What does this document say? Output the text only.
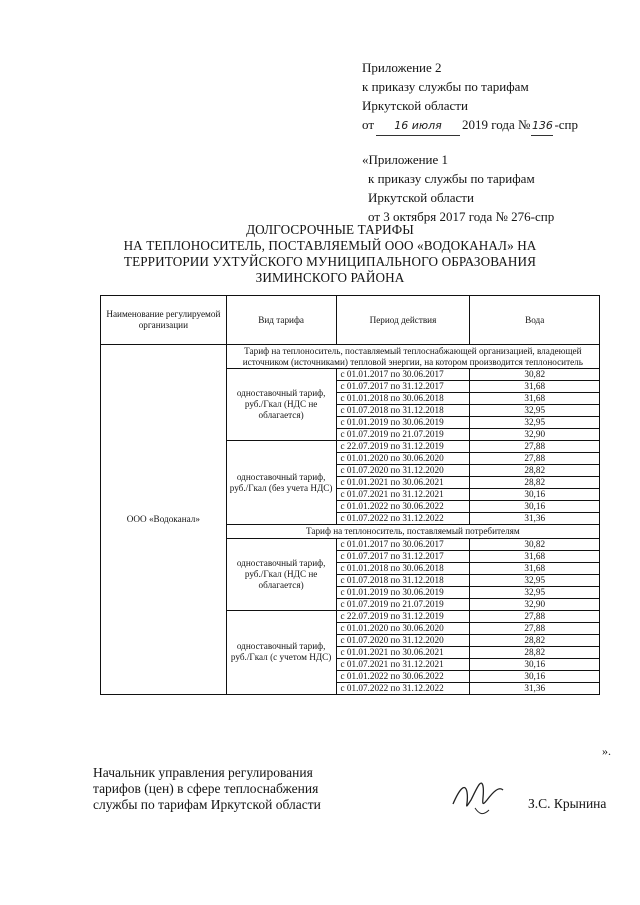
Приложение 2
к приказу службы по тарифам
Иркутской области
от 16 июля 2019 года № 136 -спр
«Приложение 1
к приказу службы по тарифам
Иркутской области
от 3 октября 2017 года № 276-спр
ДОЛГОСРОЧНЫЕ ТАРИФЫ
НА ТЕПЛОНОСИТЕЛЬ, ПОСТАВЛЯЕМЫЙ ООО «ВОДОКАНАЛ» НА
ТЕРРИТОРИИ УХТУЙСКОГО МУНИЦИПАЛЬНОГО ОБРАЗОВАНИЯ
ЗИМИНСКОГО РАЙОНА
Наименование регулируемой организации	Вид тарифа	Период действия	Вода
ООО «Водоканал»	Тариф на теплоноситель, поставляемый теплоснабжающей организацией, владеющей источником (источниками) тепловой энергии, на котором производится теплоноситель		
	одноставочный тариф, руб./Гкал (НДС не облагается)	с 01.01.2017 по 30.06.2017	30,82
		с 01.07.2017 по 31.12.2017	31,68
		с 01.01.2018 по 30.06.2018	31,68
		с 01.07.2018 по 31.12.2018	32,95
		с 01.01.2019 по 30.06.2019	32,95
		с 01.07.2019 по 21.07.2019	32,90
	одноставочный тариф, руб./Гкал (без учета НДС)	с 22.07.2019 по 31.12.2019	27,88
		с 01.01.2020 по 30.06.2020	27,88
		с 01.07.2020 по 31.12.2020	28,82
		с 01.01.2021 по 30.06.2021	28,82
		с 01.07.2021 по 31.12.2021	30,16
		с 01.01.2022 по 30.06.2022	30,16
		с 01.07.2022 по 31.12.2022	31,36
	Тариф на теплоноситель, поставляемый потребителям		
	одноставочный тариф, руб./Гкал (НДС не облагается)	с 01.01.2017 по 30.06.2017	30,82
		с 01.07.2017 по 31.12.2017	31,68
		с 01.01.2018 по 30.06.2018	31,68
		с 01.07.2018 по 31.12.2018	32,95
		с 01.01.2019 по 30.06.2019	32,95
		с 01.07.2019 по 21.07.2019	32,90
	одноставочный тариф, руб./Гкал (с учетом НДС)	с 22.07.2019 по 31.12.2019	27,88
		с 01.01.2020 по 30.06.2020	27,88
		с 01.07.2020 по 31.12.2020	28,82
		с 01.01.2021 по 30.06.2021	28,82
		с 01.07.2021 по 31.12.2021	30,16
		с 01.01.2022 по 30.06.2022	30,16
		с 01.07.2022 по 31.12.2022	31,36
».
Начальник управления регулирования
тарифов (цен) в сфере теплоснабжения
службы по тарифам Иркутской области	З.С. Крынина
